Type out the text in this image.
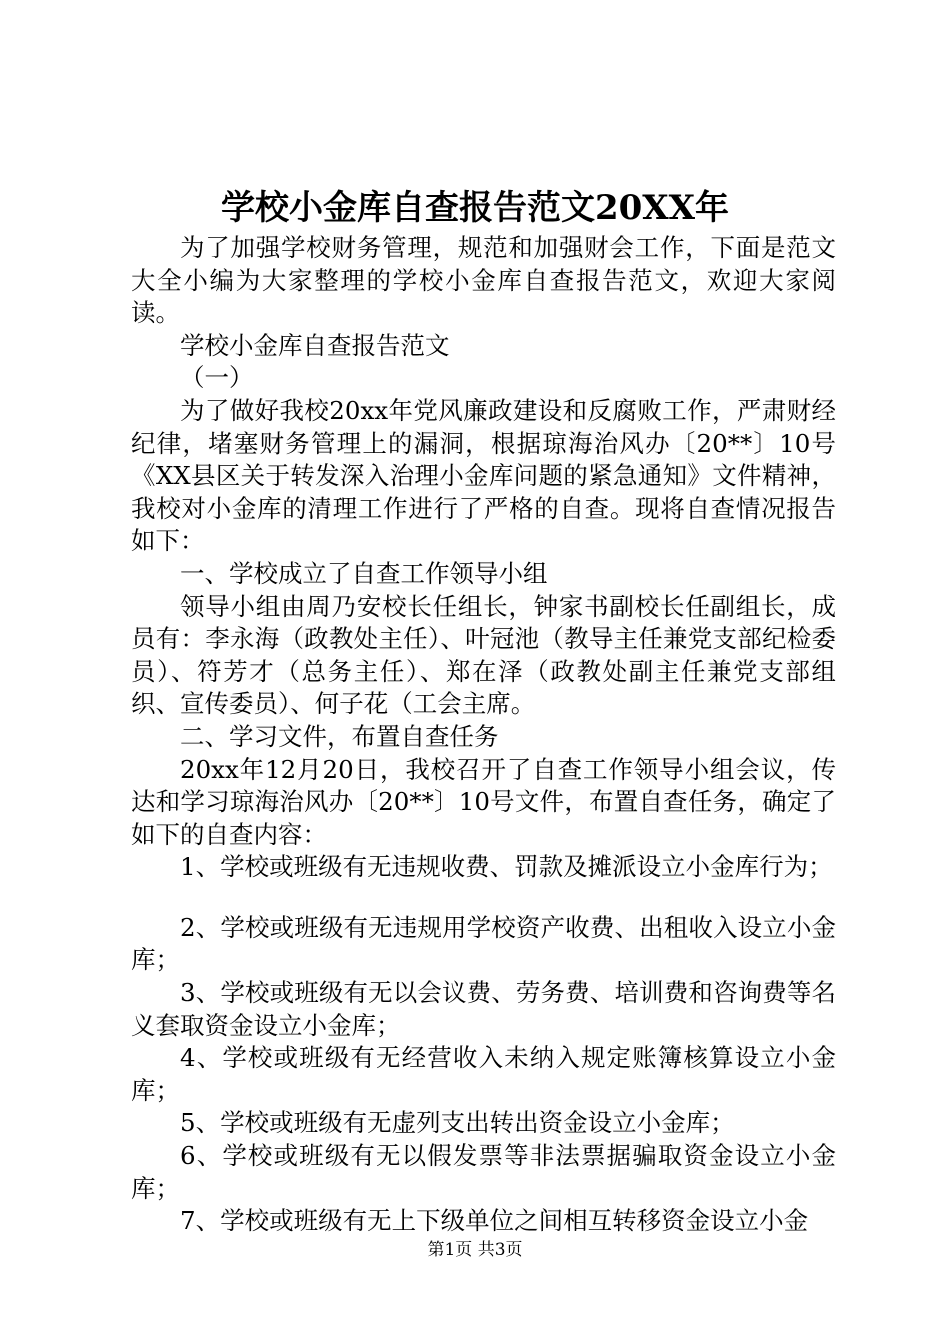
学校小金库自查报告范文20XX年

为了加强学校财务管理，规范和加强财会工作，下面是范文大全小编为大家整理的学校小金库自查报告范文，欢迎大家阅读。

学校小金库自查报告范文

（一）

为了做好我校20xx年党风廉政建设和反腐败工作，严肃财经纪律，堵塞财务管理上的漏洞，根据琼海治风办〔20**〕10号《XX县区关于转发深入治理小金库问题的紧急通知》文件精神，我校对小金库的清理工作进行了严格的自查。现将自查情况报告如下：

一、学校成立了自查工作领导小组

领导小组由周乃安校长任组长，钟家书副校长任副组长，成员有：李永海（政教处主任）、叶冠池（教导主任兼党支部纪检委员）、符芳才（总务主任）、郑在泽（政教处副主任兼党支部组织、宣传委员）、何子花（工会主席。

二、学习文件，布置自查任务

20xx年12月20日，我校召开了自查工作领导小组会议，传达和学习琼海治风办〔20**〕10号文件，布置自查任务，确定了如下的自查内容：

1、学校或班级有无违规收费、罚款及摊派设立小金库行为；

2、学校或班级有无违规用学校资产收费、出租收入设立小金库；

3、学校或班级有无以会议费、劳务费、培训费和咨询费等名义套取资金设立小金库；

4、学校或班级有无经营收入未纳入规定账簿核算设立小金库；

5、学校或班级有无虚列支出转出资金设立小金库；

6、学校或班级有无以假发票等非法票据骗取资金设立小金库；

7、学校或班级有无上下级单位之间相互转移资金设立小金

第1页 共3页
